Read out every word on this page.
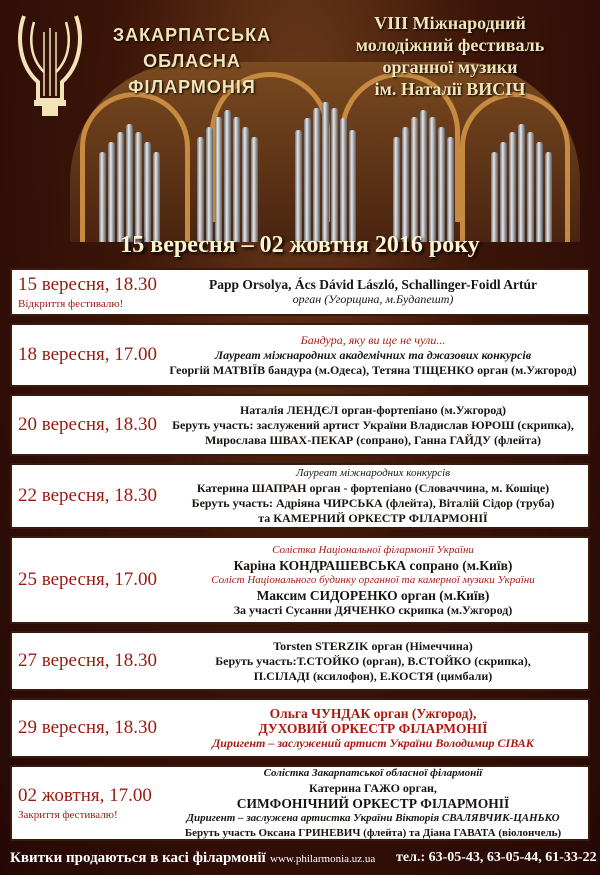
ЗАКАРПАТСЬКА
ОБЛАСНА
ФІЛАРМОНІЯ
VIII Міжнародний
молодіжний фестиваль
органної музики
ім. Наталії ВИСІЧ
15 вересня – 02 жовтня 2016 року
15 вересня, 18.30
Відкриття фестивалю!
Papp Orsolya, Ács Dávid László, Schallinger-Foidl Artúr
орган (Угорщина, м.Будапешт)
18 вересня, 17.00
Бандура, яку ви ще не чули...
Лауреат міжнародних академічних та джазових конкурсів
Георгій МАТВІЇВ бандура (м.Одеса), Тетяна ТІЩЕНКО орган (м.Ужгород)
20 вересня, 18.30
Наталія ЛЕНДЄЛ орган-фортепіано (м.Ужгород)
Беруть участь: заслужений артист України Владислав ЮРОШ (скрипка),
Мирослава ШВАХ-ПЕКАР (сопрано), Ганна ГАЙДУ (флейта)
22 вересня, 18.30
Лауреат міжнародних конкурсів
Катерина ШАПРАН орган - фортепіано (Словаччина, м. Кошіце)
Беруть участь: Адріяна ЧИРСЬКА (флейта), Віталій Сідор (труба)
та КАМЕРНИЙ ОРКЕСТР ФІЛАРМОНІЇ
25 вересня, 17.00
Солістка Національної філармонії України
Каріна КОНДРАШЕВСЬКА сопрано (м.Київ)
Соліст Національного будинку органної та камерної музики України
Максим СИДОРЕНКО орган (м.Київ)
За участі Сусанни ДЯЧЕНКО скрипка (м.Ужгород)
27 вересня, 18.30
Torsten STERZIK орган (Німеччина)
Беруть участь:Т.СТОЙКО (орган), В.СТОЙКО (скрипка),
П.СІЛАДІ (ксилофон), Е.КОСТЯ (цимбали)
29 вересня, 18.30
Ольга ЧУНДАК орган (Ужгород),
ДУХОВИЙ ОРКЕСТР ФІЛАРМОНІЇ
Диригент – заслужений артист України Володимир СІВАК
02 жовтня, 17.00
Закриття фестивалю!
Солістка Закарпатської обласної філармонії
Катерина ГАЖО орган,
СИМФОНІЧНИЙ ОРКЕСТР ФІЛАРМОНІЇ
Диригент – заслужена артистка України Вікторія СВАЛЯВЧИК-ЦАНЬКО
Беруть участь Оксана ГРИНЕВИЧ (флейта) та Діана ГАВАТА (віолончель)
Квитки продаються в касі філармонії www.philarmonia.uz.ua тел.: 63-05-43, 63-05-44, 61-33-22
